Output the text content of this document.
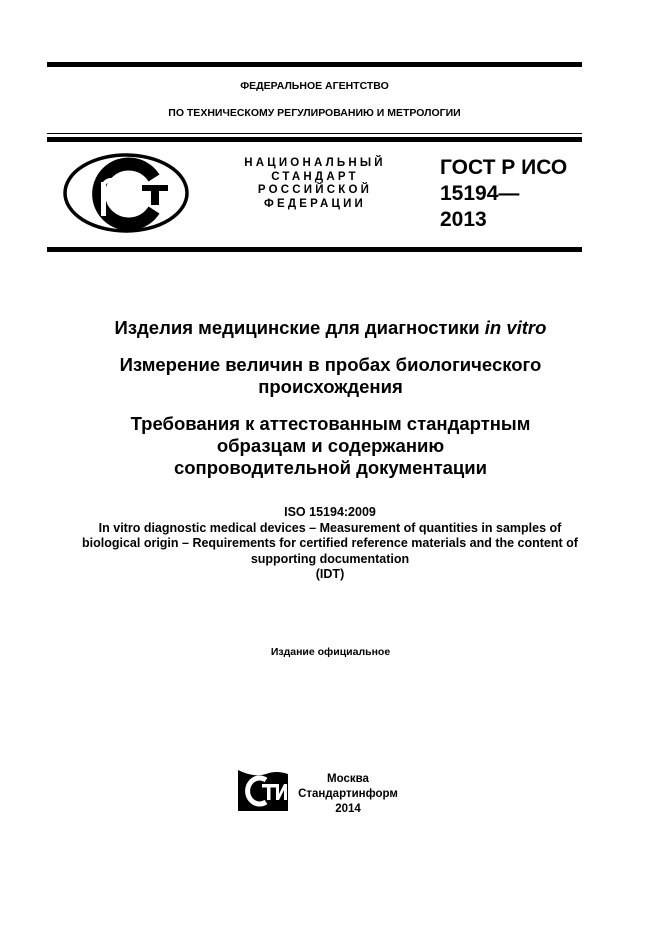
ФЕДЕРАЛЬНОЕ АГЕНТСТВО
ПО ТЕХНИЧЕСКОМУ РЕГУЛИРОВАНИЮ И МЕТРОЛОГИИ
НАЦИОНАЛЬНЫЙ
СТАНДАРТ
РОССИЙСКОЙ
ФЕДЕРАЦИИ
ГОСТ Р ИСО
15194—
2013
Изделия медицинские для диагностики in vitro
Измерение величин в пробах биологического
происхождения
Требования к аттестованным стандартным
образцам и содержанию
сопроводительной документации
ISO 15194:2009
In vitro diagnostic medical devices – Measurement of quantities in samples of
biological origin – Requirements for certified reference materials and the content of
supporting documentation
(IDT)
Издание официальное
Москва
Стандартинформ
2014
